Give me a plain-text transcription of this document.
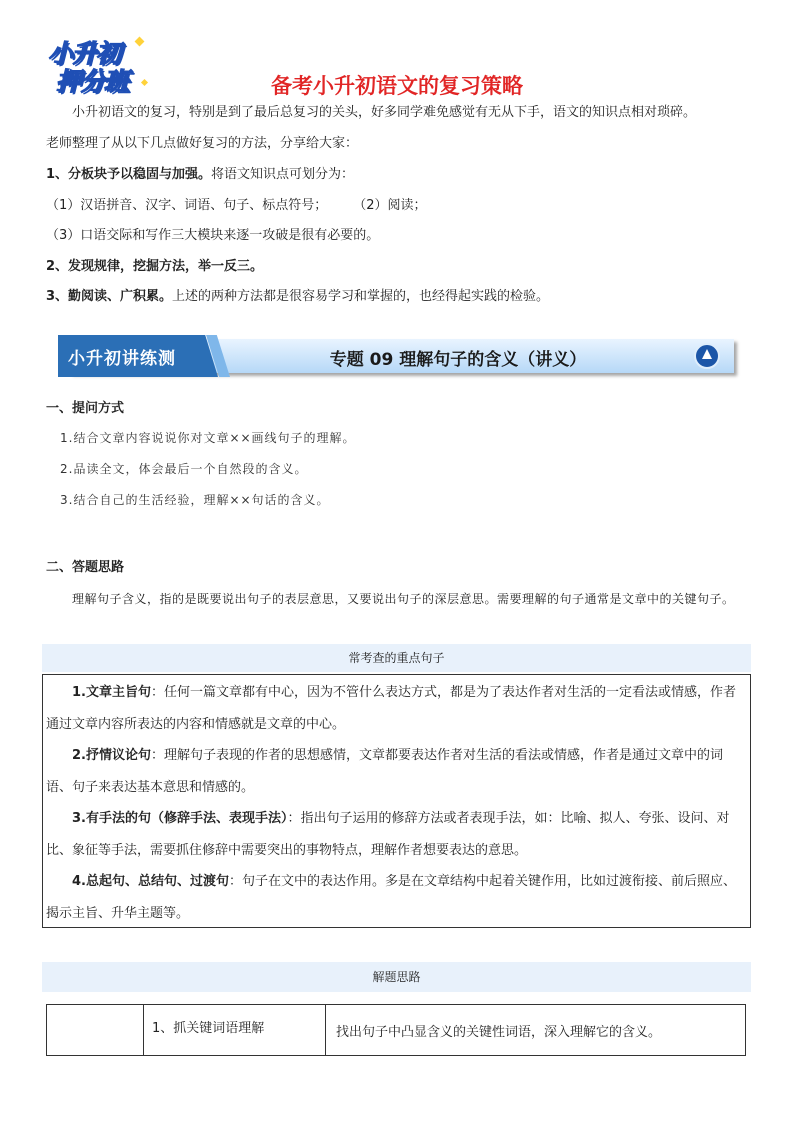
小升初
押分班	备考小升初语文的复习策略
小升初语文的复习，特别是到了最后总复习的关头，好多同学难免感觉有无从下手，语文的知识点相对琐碎。
老师整理了从以下几点做好复习的方法，分享给大家：
1、分板块予以稳固与加强。将语文知识点可划分为：
（1）汉语拼音、汉字、词语、句子、标点符号； （2）阅读；
（3）口语交际和写作三大模块来逐一攻破是很有必要的。
2、发现规律，挖掘方法，举一反三。
3、勤阅读、广积累。上述的两种方法都是很容易学习和掌握的，也经得起实践的检验。
小升初讲练测	专题 09 理解句子的含义（讲义）
一、提问方式
1.结合文章内容说说你对文章××画线句子的理解。
2.品读全文，体会最后一个自然段的含义。
3.结合自己的生活经验，理解××句话的含义。
二、答题思路
理解句子含义，指的是既要说出句子的表层意思，又要说出句子的深层意思。需要理解的句子通常是文章中的关键句子。
常考查的重点句子
1.文章主旨句：任何一篇文章都有中心，因为不管什么表达方式，都是为了表达作者对生活的一定看法或情感，作者通过文章内容所表达的内容和情感就是文章的中心。
2.抒情议论句：理解句子表现的作者的思想感情，文章都要表达作者对生活的看法或情感，作者是通过文章中的词语、句子来表达基本意思和情感的。
3.有手法的句（修辞手法、表现手法）：指出句子运用的修辞方法或者表现手法，如：比喻、拟人、夸张、设问、对比、象征等手法，需要抓住修辞中需要突出的事物特点，理解作者想要表达的意思。
4.总起句、总结句、过渡句：句子在文中的表达作用。多是在文章结构中起着关键作用，比如过渡衔接、前后照应、揭示主旨、升华主题等。
解题思路
1、抓关键词语理解	找出句子中凸显含义的关键性词语，深入理解它的含义。
